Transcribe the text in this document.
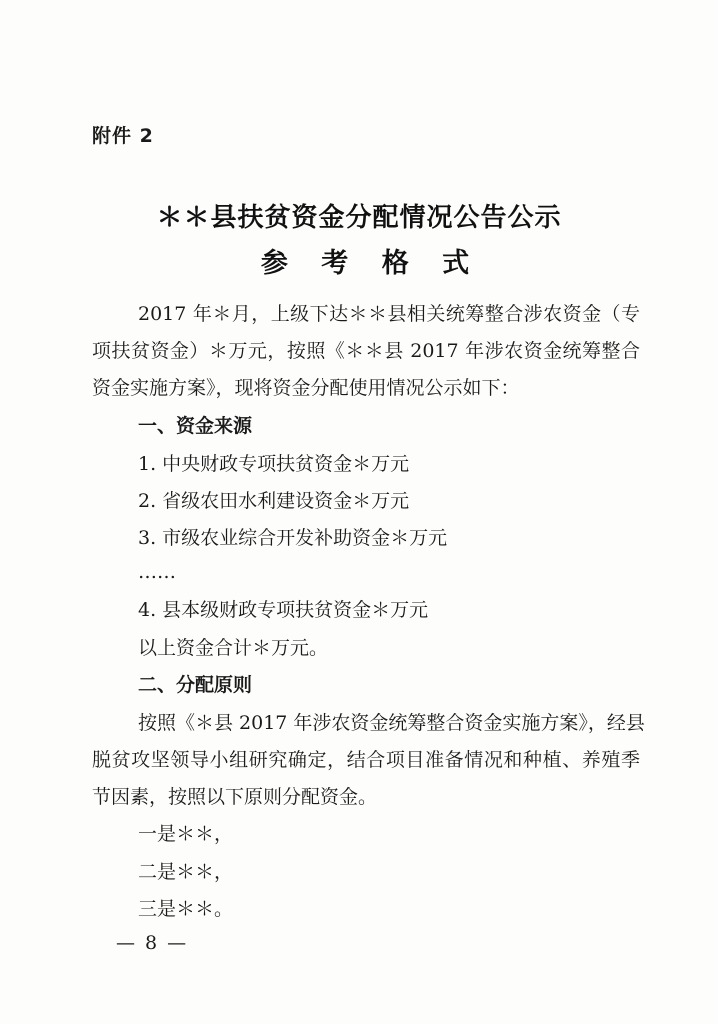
附件 2
＊＊县扶贫资金分配情况公告公示
参 考 格 式
2017 年＊月，上级下达＊＊县相关统筹整合涉农资金（专
项扶贫资金）＊万元，按照《＊＊县 2017 年涉农资金统筹整合
资金实施方案》，现将资金分配使用情况公示如下：
一、资金来源
1. 中央财政专项扶贫资金＊万元
2. 省级农田水利建设资金＊万元
3. 市级农业综合开发补助资金＊万元
……
4. 县本级财政专项扶贫资金＊万元
以上资金合计＊万元。
二、分配原则
按照《＊县 2017 年涉农资金统筹整合资金实施方案》，经县
脱贫攻坚领导小组研究确定，结合项目准备情况和种植、养殖季
节因素，按照以下原则分配资金。
一是＊＊，
二是＊＊，
三是＊＊。
— 8 —
